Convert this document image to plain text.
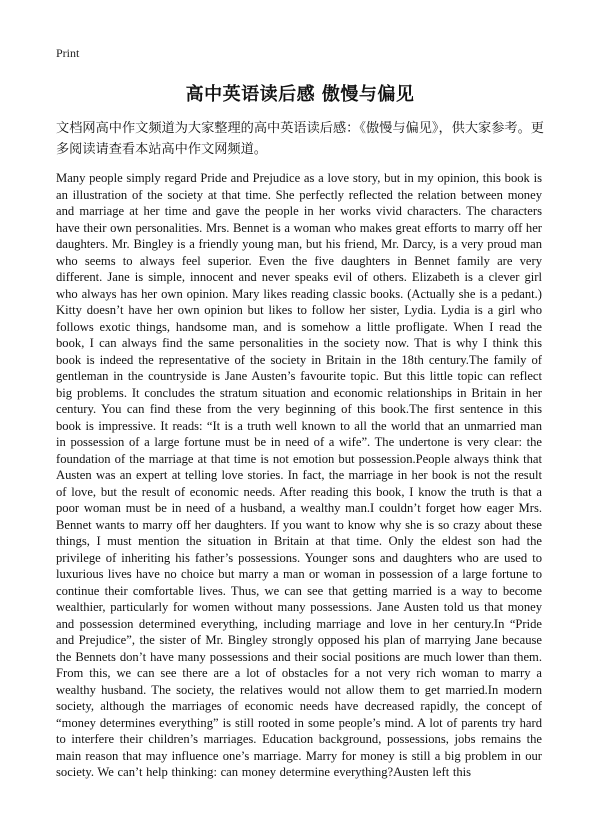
Print
高中英语读后感 傲慢与偏见
文档网高中作文频道为大家整理的高中英语读后感：《傲慢与偏见》，供大家参考。更多阅读请查看本站高中作文网频道。

Many people simply regard Pride and Prejudice as a love story, but in my opinion, this book is an illustration of the society at that time. She perfectly reflected the relation between money and marriage at her time and gave the people in her works vivid characters. The characters have their own personalities. Mrs. Bennet is a woman who makes great efforts to marry off her daughters. Mr. Bingley is a friendly young man, but his friend, Mr. Darcy, is a very proud man who seems to always feel superior. Even the five daughters in Bennet family are very different. Jane is simple, innocent and never speaks evil of others. Elizabeth is a clever girl who always has her own opinion. Mary likes reading classic books. (Actually she is a pedant.) Kitty doesn’t have her own opinion but likes to follow her sister, Lydia. Lydia is a girl who follows exotic things, handsome man, and is somehow a little profligate. When I read the book, I can always find the same personalities in the society now. That is why I think this book is indeed the representative of the society in Britain in the 18th century.The family of gentleman in the countryside is Jane Austen’s favourite topic. But this little topic can reflect big problems. It concludes the stratum situation and economic relationships in Britain in her century. You can find these from the very beginning of this book.The first sentence in this book is impressive. It reads: “It is a truth well known to all the world that an unmarried man in possession of a large fortune must be in need of a wife”. The undertone is very clear: the foundation of the marriage at that time is not emotion but possession.People always think that Austen was an expert at telling love stories. In fact, the marriage in her book is not the result of love, but the result of economic needs. After reading this book, I know the truth is that a poor woman must be in need of a husband, a wealthy man.I couldn’t forget how eager Mrs. Bennet wants to marry off her daughters. If you want to know why she is so crazy about these things, I must mention the situation in Britain at that time. Only the eldest son had the privilege of inheriting his father’s possessions. Younger sons and daughters who are used to luxurious lives have no choice but marry a man or woman in possession of a large fortune to continue their comfortable lives. Thus, we can see that getting married is a way to become wealthier, particularly for women without many possessions. Jane Austen told us that money and possession determined everything, including marriage and love in her century.In “Pride and Prejudice”, the sister of Mr. Bingley strongly opposed his plan of marrying Jane because the Bennets don’t have many possessions and their social positions are much lower than them. From this, we can see there are a lot of obstacles for a not very rich woman to marry a wealthy husband. The society, the relatives would not allow them to get married.In modern society, although the marriages of economic needs have decreased rapidly, the concept of “money determines everything” is still rooted in some people’s mind. A lot of parents try hard to interfere their children’s marriages. Education background, possessions, jobs remains the main reason that may influence one’s marriage. Marry for money is still a big problem in our society. We can’t help thinking: can money determine everything?Austen left this
